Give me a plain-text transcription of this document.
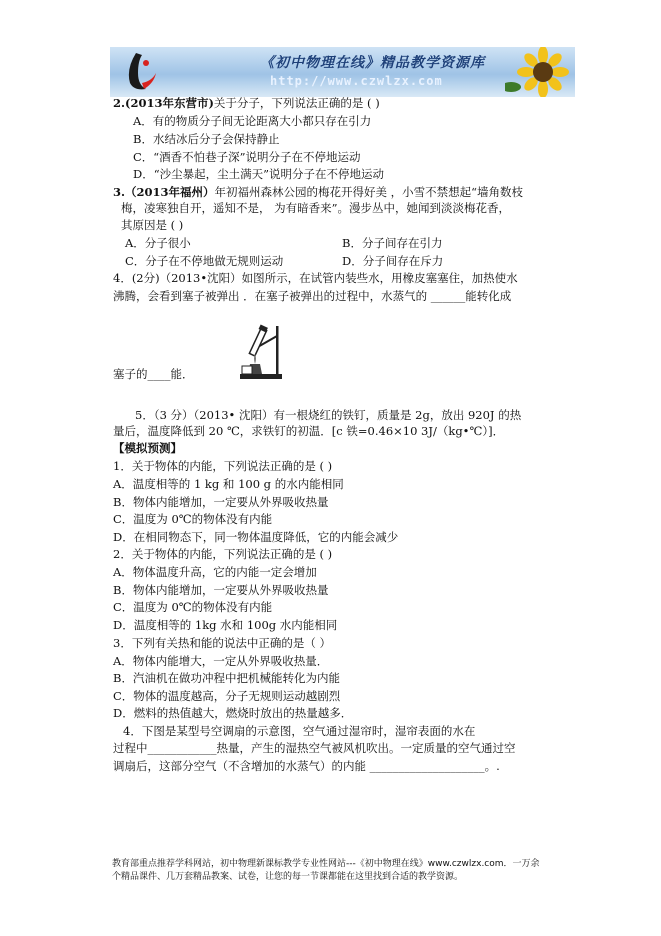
《初中物理在线》精品教学资源库
http://www.czwlzx.com
2.(2013年东营市)关于分子，下列说法正确的是 ( )
A．有的物质分子间无论距离大小都只存在引力
B．水结冰后分子会保持静止
C．“酒香不怕巷子深”说明分子在不停地运动
D．“沙尘暴起，尘土满天”说明分子在不停地运动
3.（2013年福州）年初福州森林公园的梅花开得好美 ，小雪不禁想起“墙角数枝
梅，凌寒独自开，遥知不是， 为有暗香来”。漫步丛中，她闻到淡淡梅花香，
其原因是 ( )
A．分子很小	B．分子间存在引力
C．分子在不停地做无规则运动	D．分子间存在斥力
4．(2分)（2013•沈阳）如图所示，在试管内装些水，用橡皮塞塞住，加热使水
沸腾，会看到塞子被弹出 ．在塞子被弹出的过程中，水蒸气的 ______能转化成
塞子的____能．
5．（3 分）（2013• 沈阳）有一根烧红的铁钉，质量是 2g，放出 920J 的热
量后，温度降低到 20 ℃，求铁钉的初温．[c 铁=0.46×10 3J/（kg•℃）]．
【模拟预测】
1．关于物体的内能，下列说法正确的是 ( )
A．温度相等的 1 kg 和 100 g 的水内能相同
B．物体内能增加，一定要从外界吸收热量
C．温度为 0℃的物体没有内能
D．在相同物态下，同一物体温度降低，它的内能会减少
2．关于物体的内能，下列说法正确的是 ( )
A．物体温度升高，它的内能一定会增加
B．物体内能增加，一定要从外界吸收热量
C．温度为 0℃的物体没有内能
D．温度相等的 1kg 水和 100g 水内能相同
3．下列有关热和能的说法中正确的是（ ）
A．物体内能增大，一定从外界吸收热量．
B．汽油机在做功冲程中把机械能转化为内能
C．物体的温度越高，分子无规则运动越剧烈
D．燃料的热值越大，燃烧时放出的热量越多．
4．下图是某型号空调扇的示意图，空气通过湿帘时，湿帘表面的水在
过程中____________热量，产生的湿热空气被风机吹出。一定质量的空气通过空
调扇后，这部分空气（不含增加的水蒸气）的内能 ____________________。.
教育部重点推荐学科网站，初中物理新课标教学专业性网站---《初中物理在线》www.czwlzx.com．一万余
个精品课件、几万套精品教案、试卷，让您的每一节课都能在这里找到合适的教学资源。
